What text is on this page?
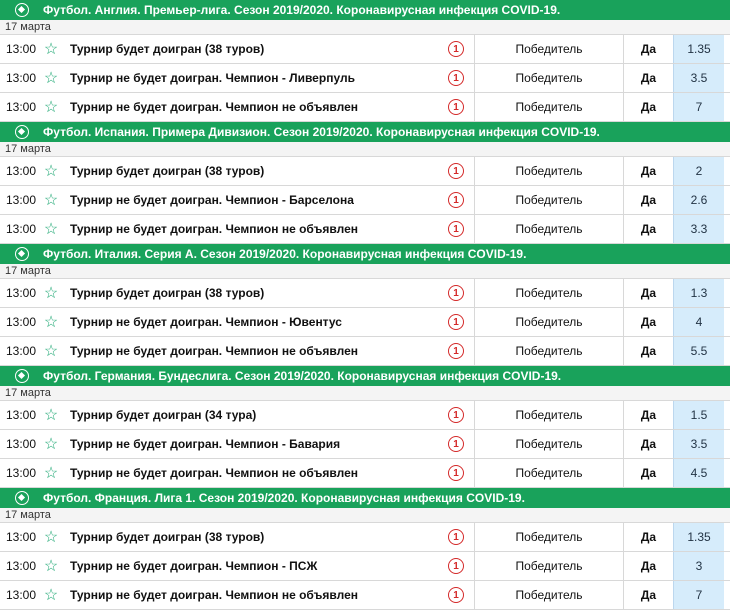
Футбол. Англия. Премьер-лига. Сезон 2019/2020. Коронавирусная инфекция COVID-19.
17 марта
13:00 ☆ Турнир будет доигран (38 туров)	1	Победитель	Да	1.35
13:00 ☆ Турнир не будет доигран. Чемпион - Ливерпуль	1	Победитель	Да	3.5
13:00 ☆ Турнир не будет доигран. Чемпион не объявлен	1	Победитель	Да	7
Футбол. Испания. Примера Дивизион. Сезон 2019/2020. Коронавирусная инфекция COVID-19.
17 марта
13:00 ☆ Турнир будет доигран (38 туров)	1	Победитель	Да	2
13:00 ☆ Турнир не будет доигран. Чемпион - Барселона	1	Победитель	Да	2.6
13:00 ☆ Турнир не будет доигран. Чемпион не объявлен	1	Победитель	Да	3.3
Футбол. Италия. Серия А. Сезон 2019/2020. Коронавирусная инфекция COVID-19.
17 марта
13:00 ☆ Турнир будет доигран (38 туров)	1	Победитель	Да	1.3
13:00 ☆ Турнир не будет доигран. Чемпион - Ювентус	1	Победитель	Да	4
13:00 ☆ Турнир не будет доигран. Чемпион не объявлен	1	Победитель	Да	5.5
Футбол. Германия. Бундеслига. Сезон 2019/2020. Коронавирусная инфекция COVID-19.
17 марта
13:00 ☆ Турнир будет доигран (34 тура)	1	Победитель	Да	1.5
13:00 ☆ Турнир не будет доигран. Чемпион - Бавария	1	Победитель	Да	3.5
13:00 ☆ Турнир не будет доигран. Чемпион не объявлен	1	Победитель	Да	4.5
Футбол. Франция. Лига 1. Сезон 2019/2020. Коронавирусная инфекция COVID-19.
17 марта
13:00 ☆ Турнир будет доигран (38 туров)	1	Победитель	Да	1.35
13:00 ☆ Турнир не будет доигран. Чемпион - ПСЖ	1	Победитель	Да	3
13:00 ☆ Турнир не будет доигран. Чемпион не объявлен	1	Победитель	Да	7
